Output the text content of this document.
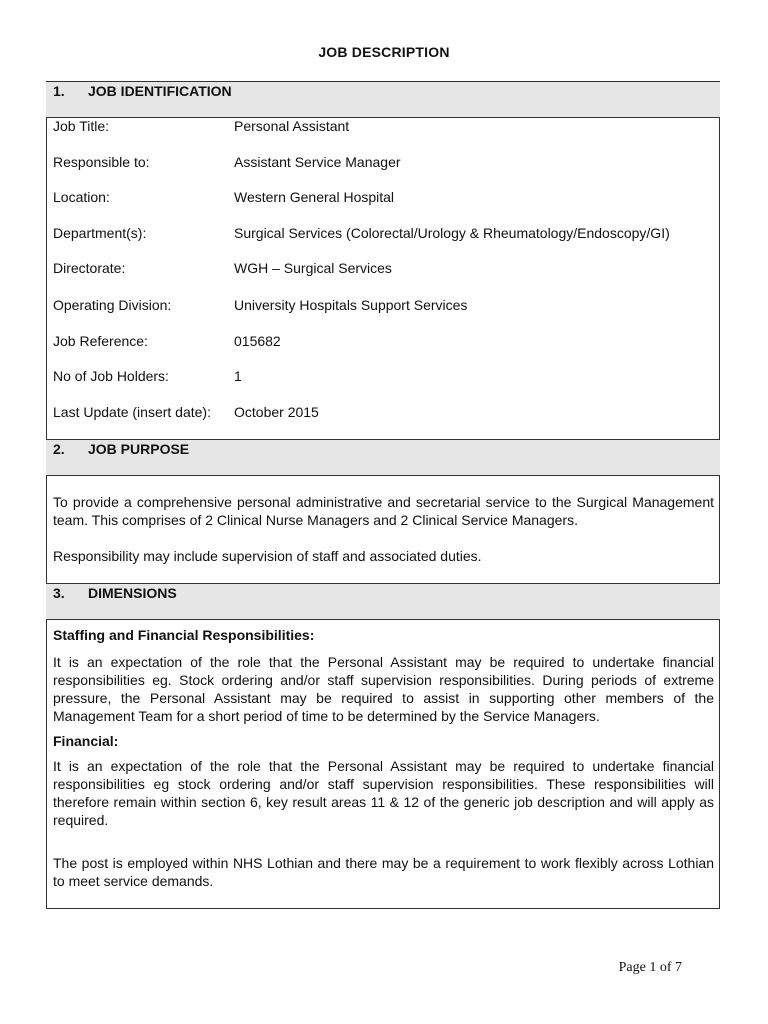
JOB DESCRIPTION
1. JOB IDENTIFICATION
Job Title:	Personal Assistant
Responsible to:	Assistant Service Manager
Location:	Western General Hospital
Department(s):	Surgical Services (Colorectal/Urology & Rheumatology/Endoscopy/GI)
Directorate:	WGH – Surgical Services
Operating Division:	University Hospitals Support Services
Job Reference:	015682
No of Job Holders:	1
Last Update (insert date): October 2015
2. JOB PURPOSE
To provide a comprehensive personal administrative and secretarial service to the Surgical Management team. This comprises of 2 Clinical Nurse Managers and 2 Clinical Service Managers.
Responsibility may include supervision of staff and associated duties.
3. DIMENSIONS
Staffing and Financial Responsibilities:
It is an expectation of the role that the Personal Assistant may be required to undertake financial responsibilities eg. Stock ordering and/or staff supervision responsibilities. During periods of extreme pressure, the Personal Assistant may be required to assist in supporting other members of the Management Team for a short period of time to be determined by the Service Managers.
Financial:
It is an expectation of the role that the Personal Assistant may be required to undertake financial responsibilities eg stock ordering and/or staff supervision responsibilities. These responsibilities will therefore remain within section 6, key result areas 11 & 12 of the generic job description and will apply as required.
The post is employed within NHS Lothian and there may be a requirement to work flexibly across Lothian to meet service demands.
Page 1 of 7
